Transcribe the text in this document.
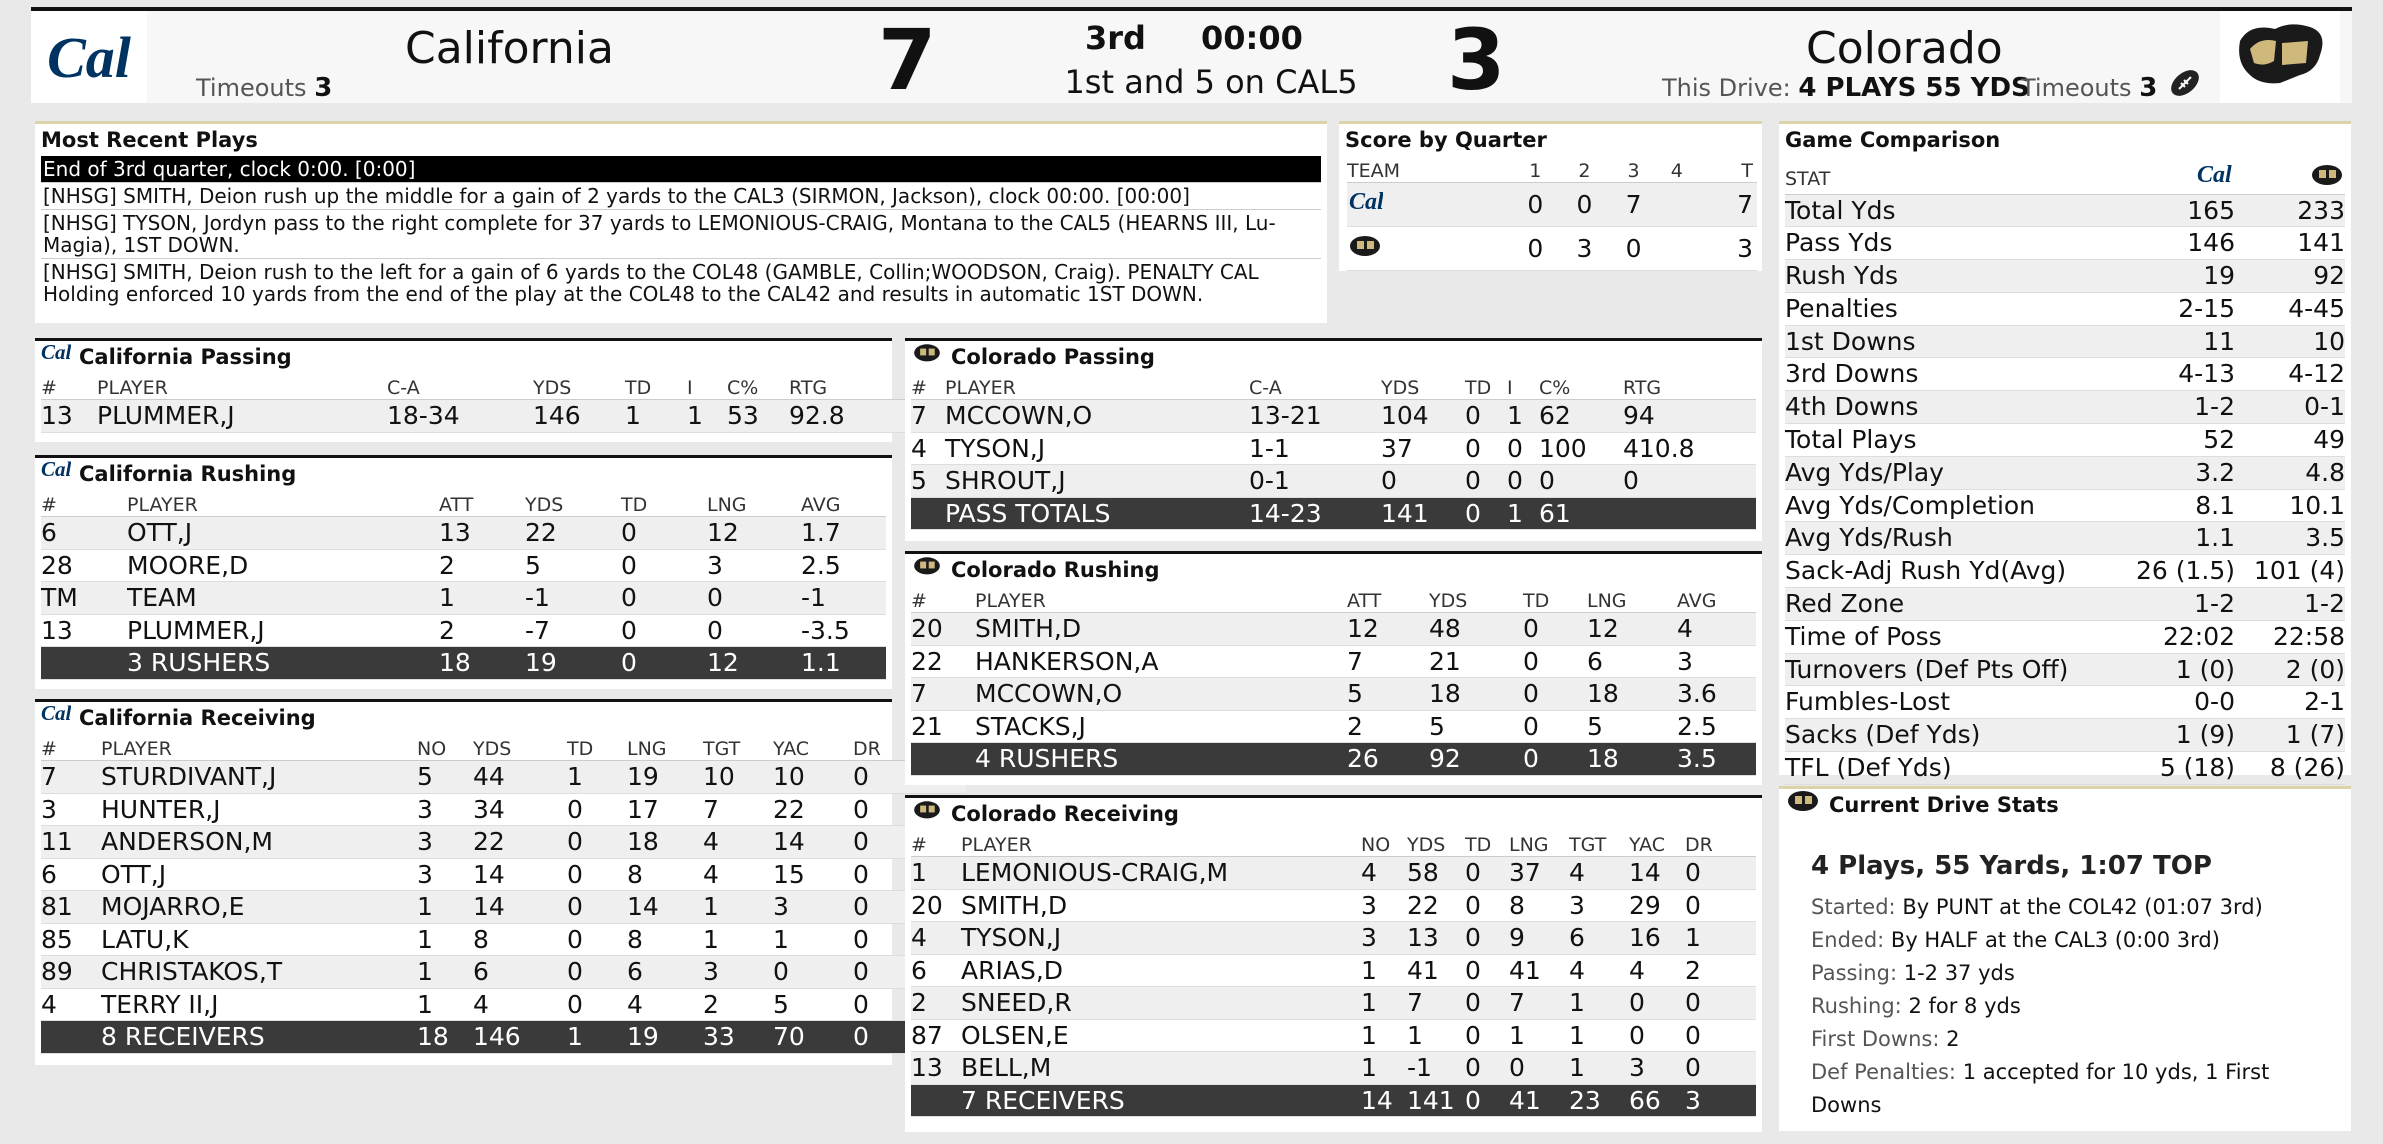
Cal	Timeouts 3
California	7	3rd 00:00
1st and 5 on CAL5 3	Colorado
This Drive: 4 PLAYS 55 YDS
Timeouts 3
Most Recent Plays
End of 3rd quarter, clock 0:00. [0:00]
[NHSG] SMITH, Deion rush up the middle for a gain of 2 yards to the CAL3 (SIRMON, Jackson), clock 00:00. [00:00]
[NHSG] TYSON, Jordyn pass to the right complete for 37 yards to LEMONIOUS-CRAIG, Montana to the CAL5 (HEARNS III, Lu-Magia), 1ST DOWN.
[NHSG] SMITH, Deion rush to the left for a gain of 6 yards to the COL48 (GAMBLE, Collin;WOODSON, Craig). PENALTY CAL Holding enforced 10 yards from the end of the play at the COL48 to the CAL42 and results in automatic 1ST DOWN.
Score by Quarter
TEAM	1	2	3	4	T

Cal	0	0	7		7
	0	3	0		3
Game Comparison
STAT	Cal

Total Yds	165	233
Pass Yds	146	141
Rush Yds	19	92
Penalties	2-15	4-45
1st Downs	11	10
3rd Downs	4-13	4-12
4th Downs	1-2	0-1
Total Plays	52	49
Avg Yds/Play	3.2	4.8
Avg Yds/Completion	8.1	10.1
Avg Yds/Rush	1.1	3.5
Sack-Adj Rush Yd(Avg)	26 (1.5)	101 (4)
Red Zone	1-2	1-2
Time of Poss	22:02	22:58
Turnovers (Def Pts Off)	1 (0)	2 (0)
Fumbles-Lost	0-0	2-1
Sacks (Def Yds)	1 (9)	1 (7)
TFL (Def Yds)	5 (18)	8 (26)
Current Drive Stats
4 Plays, 55 Yards, 1:07 TOP

Started: By PUNT at the COL42 (01:07 3rd)

Ended: By HALF at the CAL3 (0:00 3rd)

Passing: 1-2 37 yds

Rushing: 2 for 8 yds

First Downs: 2

Def Penalties: 1 accepted for 10 yds, 1 First Downs

Cal California Passing
#	PLAYER	C-A	YDS	TD	I	C%	RTG
13	PLUMMER,J	18-34	146	1	1	53	92.8
Cal California Rushing
#	PLAYER	ATT	YDS	TD	LNG	AVG
6	OTT,J	13	22	0	12	1.7
28	MOORE,D	2	5	0	3	2.5
TM	TEAM	1	-1	0	0	-1
13	PLUMMER,J	2	-7	0	0	-3.5
	3 RUSHERS	18	19	0	12	1.1
Cal California Receiving
#	PLAYER	NO	YDS	TD	LNG	TGT	YAC	DR
7	STURDIVANT,J	5	44	1	19	10	10	0
3	HUNTER,J	3	34	0	17	7	22	0
11	ANDERSON,M	3	22	0	18	4	14	0
6	OTT,J	3	14	0	8	4	15	0
81	MOJARRO,E	1	14	0	14	1	3	0
85	LATU,K	1	8	0	8	1	1	0
89	CHRISTAKOS,T	1	6	0	6	3	0	0
4	TERRY II,J	1	4	0	4	2	5	0
	8 RECEIVERS	18	146	1	19	33	70	0
Colorado Passing
#	PLAYER	C-A	YDS	TD	I	C%	RTG
7	MCCOWN,O	13-21	104	0	1	62	94
4	TYSON,J	1-1	37	0	0	100	410.8
5	SHROUT,J	0-1	0	0	0	0	0
	PASS TOTALS	14-23	141	0	1	61	
Colorado Rushing
#	PLAYER	ATT	YDS	TD	LNG	AVG
20	SMITH,D	12	48	0	12	4
22	HANKERSON,A	7	21	0	6	3
7	MCCOWN,O	5	18	0	18	3.6
21	STACKS,J	2	5	0	5	2.5
	4 RUSHERS	26	92	0	18	3.5
Colorado Receiving
#	PLAYER	NO	YDS	TD	LNG	TGT	YAC	DR
1	LEMONIOUS-CRAIG,M	4	58	0	37	4	14	0
20	SMITH,D	3	22	0	8	3	29	0
4	TYSON,J	3	13	0	9	6	16	1
6	ARIAS,D	1	41	0	41	4	4	2
2	SNEED,R	1	7	0	7	1	0	0
87	OLSEN,E	1	1	0	1	1	0	0
13	BELL,M	1	-1	0	0	1	3	0
	7 RECEIVERS	14	141	0	41	23	66	3
